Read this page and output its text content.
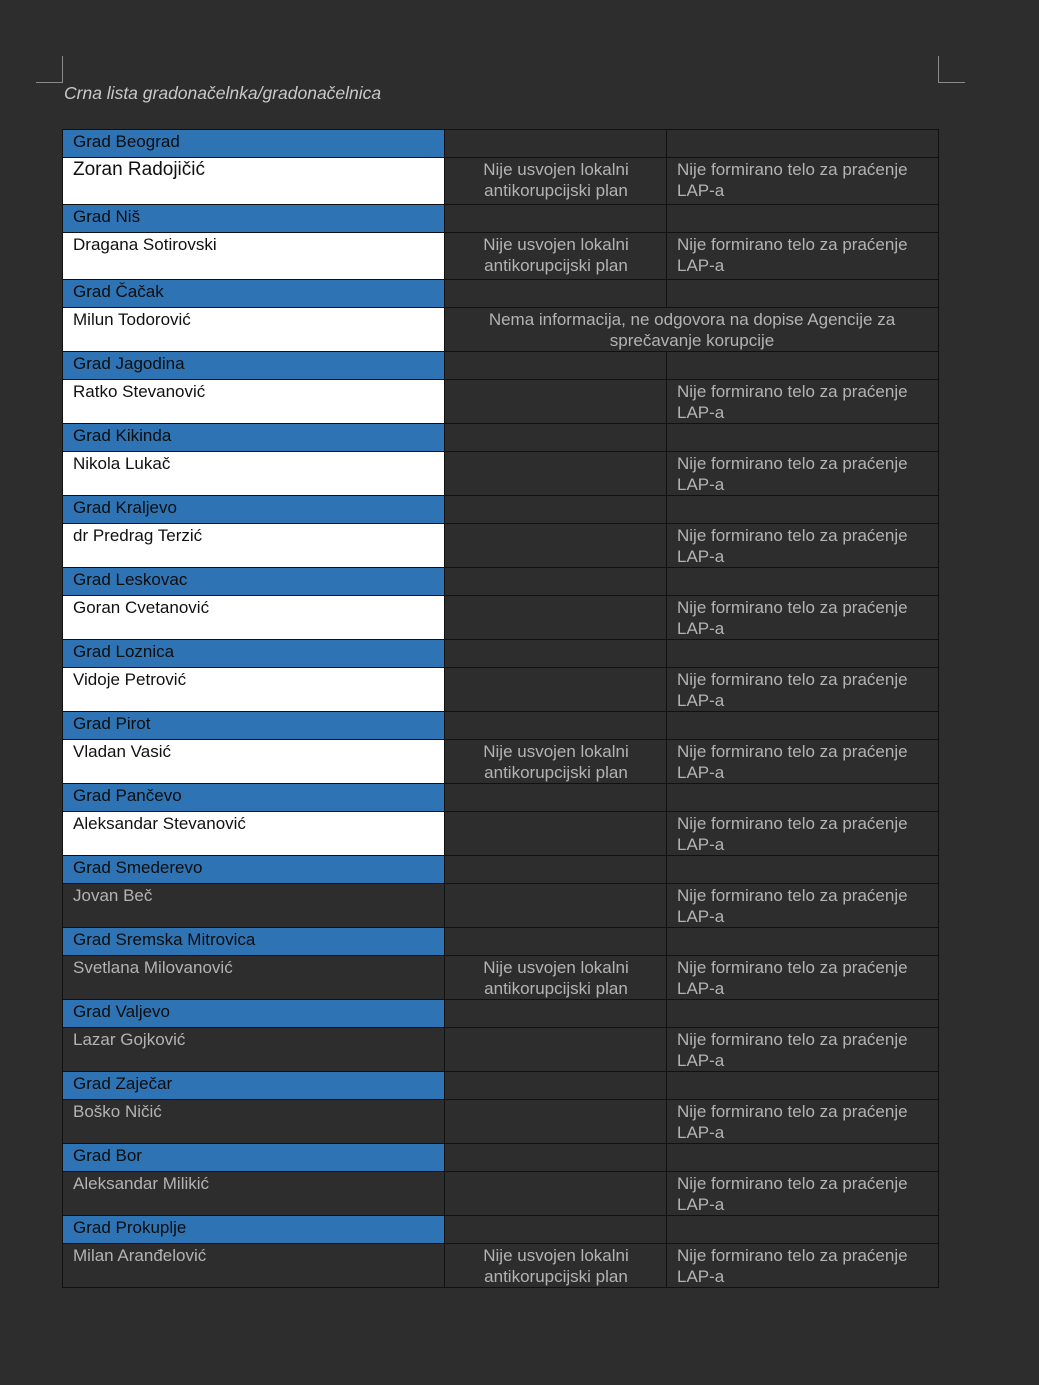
Crna lista gradonačelnka/gradonačelnica
Grad Beograd		
Zoran Radojičić	Nije usvojen lokalni antikorupcijski plan	Nije formirano telo za praćenje LAP-a
Grad Niš		
Dragana Sotirovski	Nije usvojen lokalni antikorupcijski plan	Nije formirano telo za praćenje LAP-a
Grad Čačak		
Milun Todorović	Nema informacija, ne odgovora na dopise Agencije za sprečavanje korupcije	
Grad Jagodina		
Ratko Stevanović		Nije formirano telo za praćenje LAP-a
Grad Kikinda		
Nikola Lukač		Nije formirano telo za praćenje LAP-a
Grad Kraljevo		
dr Predrag Terzić		Nije formirano telo za praćenje LAP-a
Grad Leskovac		
Goran Cvetanović		Nije formirano telo za praćenje LAP-a
Grad Loznica		
Vidoje Petrović		Nije formirano telo za praćenje LAP-a
Grad Pirot		
Vladan Vasić	Nije usvojen lokalni antikorupcijski plan	Nije formirano telo za praćenje LAP-a
Grad Pančevo		
Aleksandar Stevanović		Nije formirano telo za praćenje LAP-a
Grad Smederevo		
Jovan Beč		Nije formirano telo za praćenje LAP-a
Grad Sremska Mitrovica		
Svetlana Milovanović	Nije usvojen lokalni antikorupcijski plan	Nije formirano telo za praćenje LAP-a
Grad Valjevo		
Lazar Gojković		Nije formirano telo za praćenje LAP-a
Grad Zaječar		
Boško Ničić		Nije formirano telo za praćenje LAP-a
Grad Bor		
Aleksandar Milikić		Nije formirano telo za praćenje LAP-a
Grad Prokuplje		
Milan Aranđelović	Nije usvojen lokalni antikorupcijski plan	Nije formirano telo za praćenje LAP-a
